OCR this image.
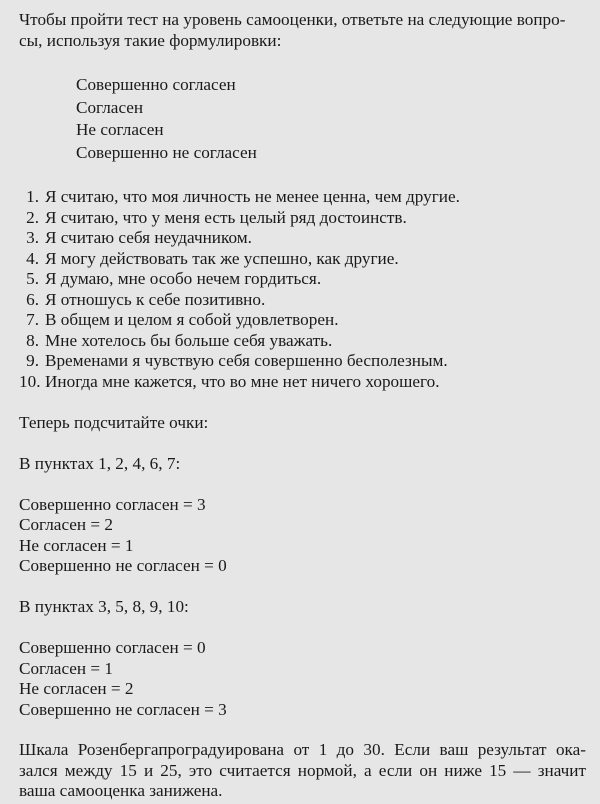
Чтобы пройти тест на уровень самооценки, ответьте на следующие вопро-
сы, используя такие формулировки:
Совершенно согласен
Согласен
Не согласен
Совершенно не согласен
1. Я считаю, что моя личность не менее ценна, чем другие.
2. Я считаю, что у меня есть целый ряд достоинств.
3. Я считаю себя неудачником.
4. Я могу действовать так же успешно, как другие.
5. Я думаю, мне особо нечем гордиться.
6. Я отношусь к себе позитивно.
7. В общем и целом я собой удовлетворен.
8. Мне хотелось бы больше себя уважать.
9. Временами я чувствую себя совершенно бесполезным.
10. Иногда мне кажется, что во мне нет ничего хорошего.
Теперь подсчитайте очки:
В пунктах 1, 2, 4, 6, 7:
Совершенно согласен = 3
Согласен = 2
Не согласен = 1
Совершенно не согласен = 0
В пунктах 3, 5, 8, 9, 10:
Совершенно согласен = 0
Согласен = 1
Не согласен = 2
Совершенно не согласен = 3
Шкала Розенбергапроградуирована от 1 до 30. Если ваш результат ока-
зался между 15 и 25, это считается нормой, а если он ниже 15 — значит
ваша самооценка занижена.
